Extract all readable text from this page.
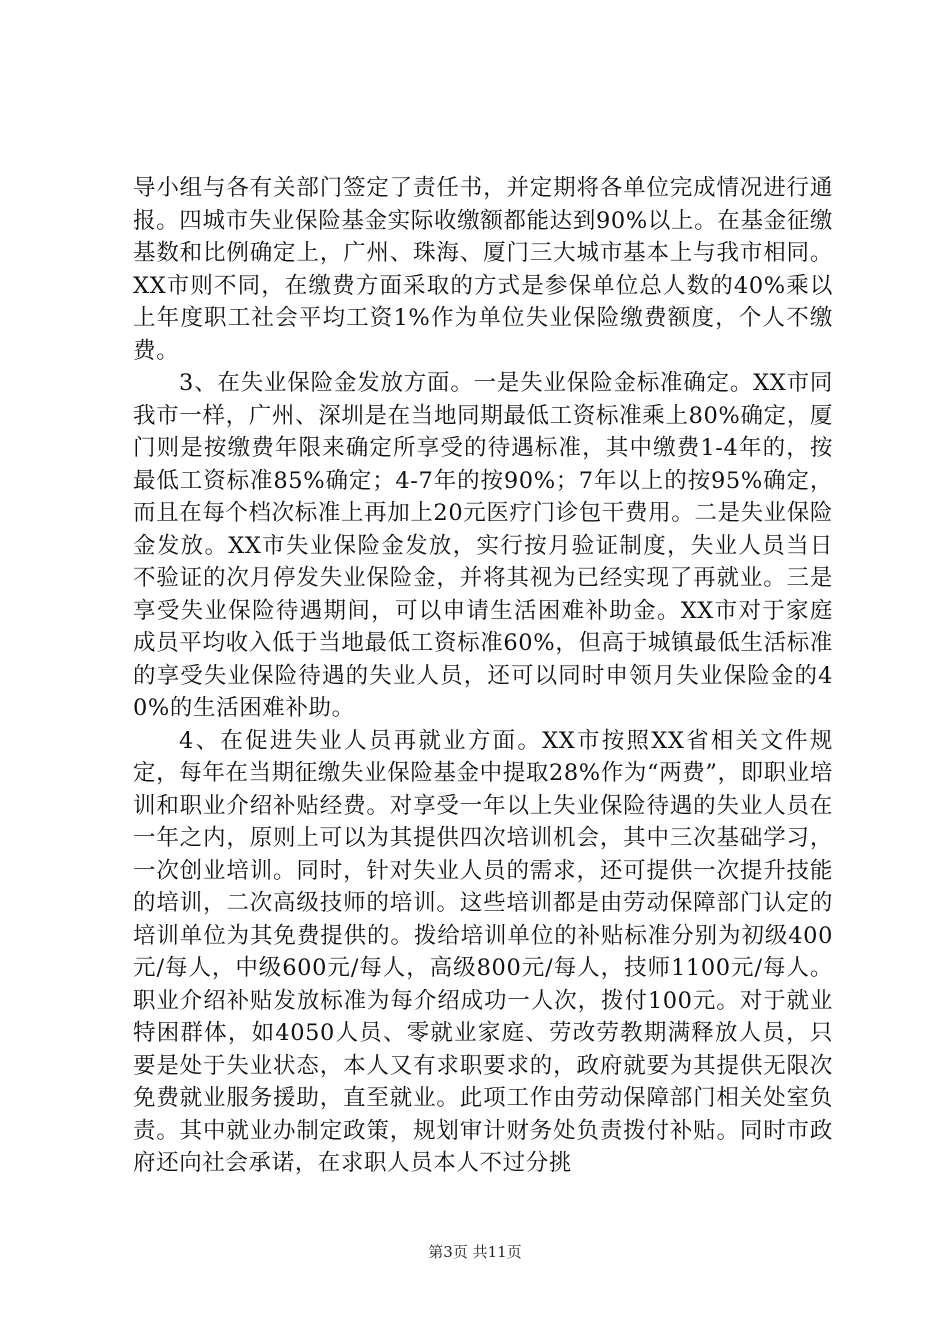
导小组与各有关部门签定了责任书，并定期将各单位完成情况进行通报。四城市失业保险基金实际收缴额都能达到90%以上。在基金征缴基数和比例确定上，广州、珠海、厦门三大城市基本上与我市相同。XX市则不同，在缴费方面采取的方式是参保单位总人数的40%乘以上年度职工社会平均工资1%作为单位失业保险缴费额度，个人不缴费。

3、在失业保险金发放方面。一是失业保险金标准确定。XX市同我市一样，广州、深圳是在当地同期最低工资标准乘上80%确定，厦门则是按缴费年限来确定所享受的待遇标准，其中缴费1-4年的，按最低工资标准85%确定；4-7年的按90%；7年以上的按95%确定，而且在每个档次标准上再加上20元医疗门诊包干费用。二是失业保险金发放。XX市失业保险金发放，实行按月验证制度，失业人员当日不验证的次月停发失业保险金，并将其视为已经实现了再就业。三是享受失业保险待遇期间，可以申请生活困难补助金。XX市对于家庭成员平均收入低于当地最低工资标准60%，但高于城镇最低生活标准的享受失业保险待遇的失业人员，还可以同时申领月失业保险金的40%的生活困难补助。

4、在促进失业人员再就业方面。XX市按照XX省相关文件规定，每年在当期征缴失业保险基金中提取28%作为“两费”，即职业培训和职业介绍补贴经费。对享受一年以上失业保险待遇的失业人员在一年之内，原则上可以为其提供四次培训机会，其中三次基础学习，一次创业培训。同时，针对失业人员的需求，还可提供一次提升技能的培训，二次高级技师的培训。这些培训都是由劳动保障部门认定的培训单位为其免费提供的。拨给培训单位的补贴标准分别为初级400元/每人，中级600元/每人，高级800元/每人，技师1100元/每人。职业介绍补贴发放标准为每介绍成功一人次，拨付100元。对于就业特困群体，如4050人员、零就业家庭、劳改劳教期满释放人员，只要是处于失业状态，本人又有求职要求的，政府就要为其提供无限次免费就业服务援助，直至就业。此项工作由劳动保障部门相关处室负责。其中就业办制定政策，规划审计财务处负责拨付补贴。同时市政府还向社会承诺，在求职人员本人不过分挑

第3页 共11页
